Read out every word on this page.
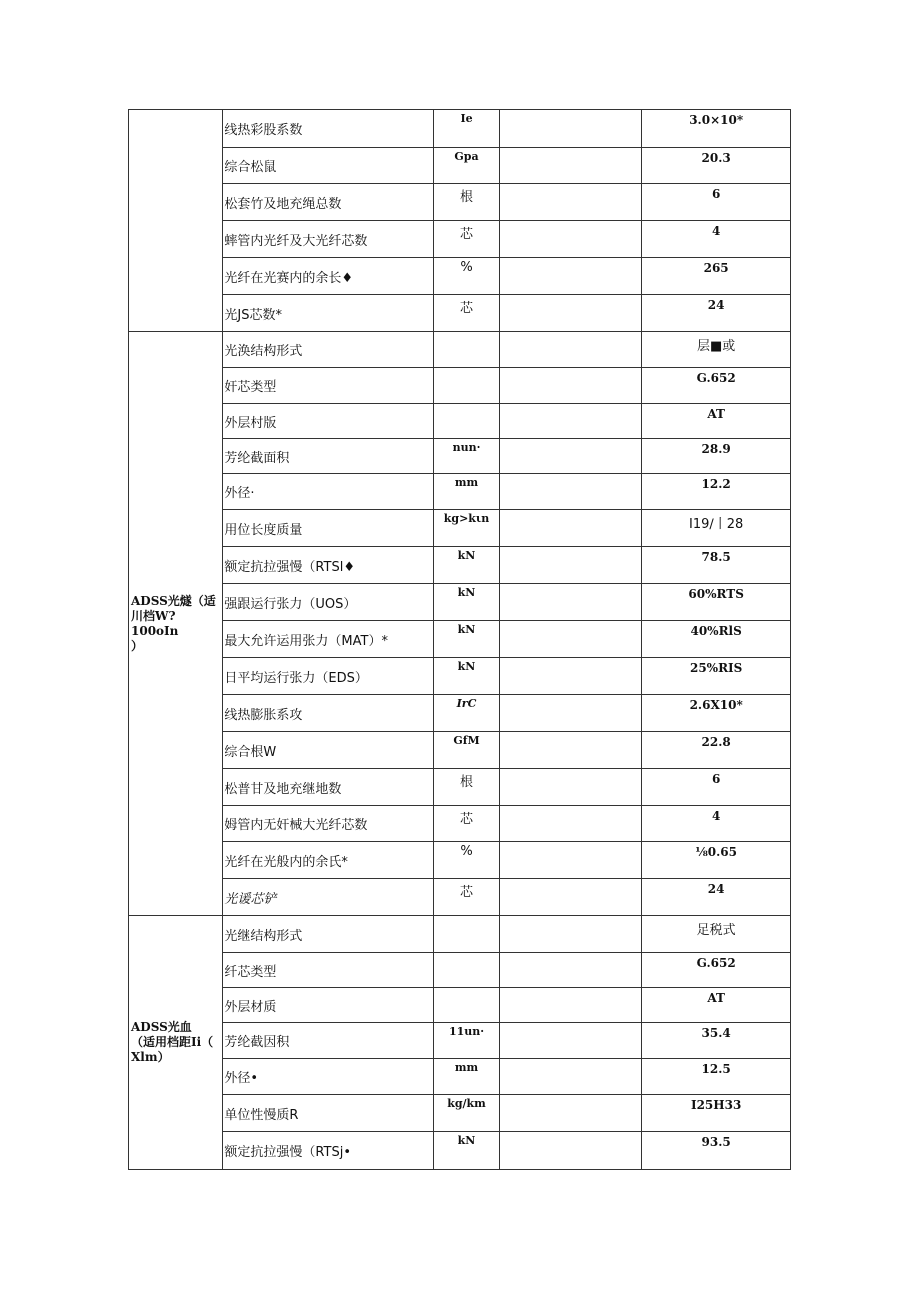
	线热彩股系数	Ie		3.0×10*
	综合松鼠	Gpa		20.3
	松套竹及地充绳总数	根		6
	蟀管内光纤及大光纤芯数	芯		4
	光纤在光赛内的余长♦	%		265
	光JS芯数*	芯		24

ADSS光燧（适
川档W?100oIn
）	光涣结构形式			层■或
	奸芯类型			G.652
	外层村版			AT
	芳纶截面积	nun·		28.9
	外径·	mm		12.2
	用位长度质量	kg>kιn		I19∕丨28
	额定抗拉强慢（RTSl♦	kN		78.5
	强跟运行张力（UOS）	kN		60%RTS
	最大允许运用张力（MAT）*	kN		40%RlS
	日平均运行张力（EDS）	kN		25%RIS
	线热膨胀系攻	IrC		2.6X10*
	综合根W	GfM		22.8
	松普甘及地充继地数	根		6
	姆管内无奸械大光纤芯数	芯		4
	光纤在光般内的余氏*	%		⅛0.65
	光谖芯铲	芯		24

ADSS光血
（适用档距Ii（
Xlm）	光继结构形式			足税式
	纤芯类型			G.652
	外层材质			AT
	芳纶截因积	11un·		35.4
	外径•	mm		12.5
	单位性慢质R	kg/km		I25H33
	额定抗拉强慢（RTSj•	kN		93.5
